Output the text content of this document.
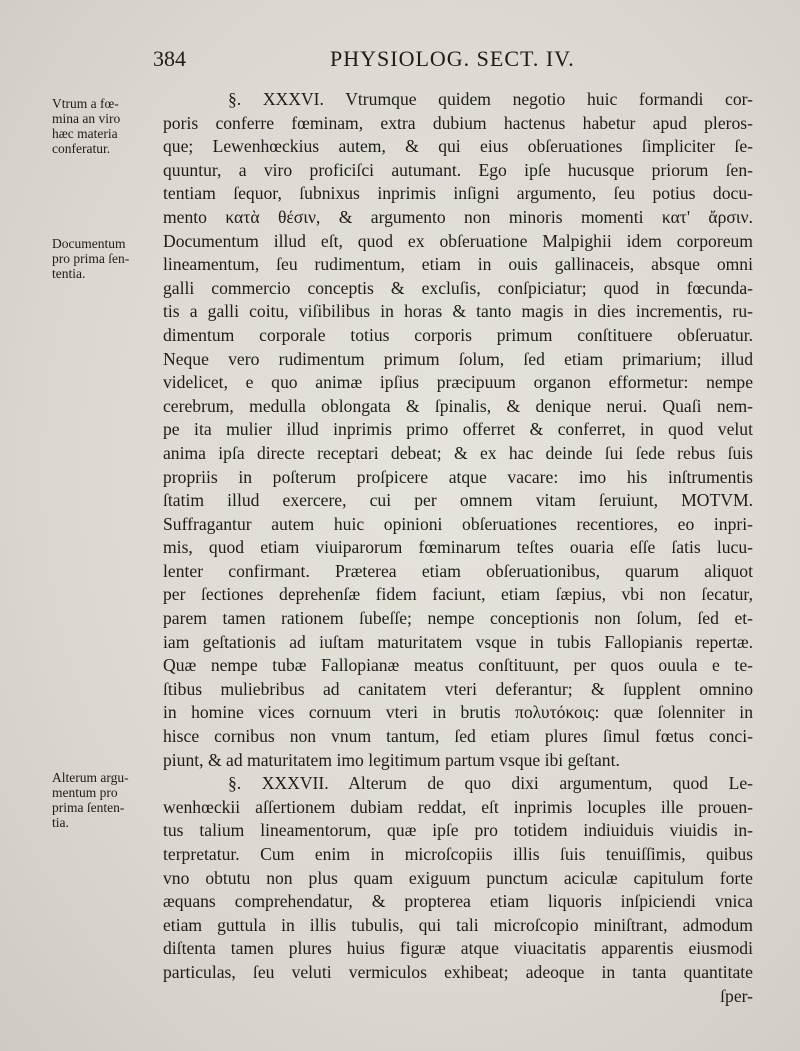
384	PHYSIOLOG. SECT. IV.
Vtrum a fœ-
mina an viro
hæc materia
conferatur.
Documentum
pro prima ſen-
tentia.
Alterum argu-
mentum pro
prima ſenten-
tia.
§. XXXVI. Vtrumque quidem negotio huic formandi cor-
poris conferre fœminam, extra dubium hactenus habetur apud pleros-
que; Lewenhœckius autem, & qui eius obſeruationes ſimpliciter ſe-
quuntur, a viro proficiſci autumant. Ego ipſe hucusque priorum ſen-
tentiam ſequor, ſubnixus inprimis inſigni argumento, ſeu potius docu-
mento κατὰ θέσιν, & argumento non minoris momenti κατ' ἄρσιν.
Documentum illud eſt, quod ex obſeruatione Malpighii idem corporeum
lineamentum, ſeu rudimentum, etiam in ouis gallinaceis, absque omni
galli commercio conceptis & excluſis, conſpiciatur; quod in fœcunda-
tis a galli coitu, viſibilibus in horas & tanto magis in dies incrementis, ru-
dimentum corporale totius corporis primum conſtituere obſeruatur.
Neque vero rudimentum primum ſolum, ſed etiam primarium; illud
videlicet, e quo animæ ipſius præcipuum organon efformetur: nempe
cerebrum, medulla oblongata & ſpinalis, & denique nerui. Quaſi nem-
pe ita mulier illud inprimis primo offerret & conferret, in quod velut
anima ipſa directe receptari debeat; & ex hac deinde ſui ſede rebus ſuis
propriis in poſterum proſpicere atque vacare: imo his inſtrumentis
ſtatim illud exercere, cui per omnem vitam ſeruiunt, MOTVM.
Suffragantur autem huic opinioni obſeruationes recentiores, eo inpri-
mis, quod etiam viuiparorum fœminarum teſtes ouaria eſſe ſatis lucu-
lenter confirmant. Præterea etiam obſeruationibus, quarum aliquot
per ſectiones deprehenſæ fidem faciunt, etiam ſæpius, vbi non ſecatur,
parem tamen rationem ſubeſſe; nempe conceptionis non ſolum, ſed et-
iam geſtationis ad iuſtam maturitatem vsque in tubis Fallopianis repertæ.
Quæ nempe tubæ Fallopianæ meatus conſtituunt, per quos ouula e te-
ſtibus muliebribus ad canitatem vteri deferantur; & ſupplent omnino
in homine vices cornuum vteri in brutis πολυτόκοις: quæ ſolenniter in
hisce cornibus non vnum tantum, ſed etiam plures ſimul fœtus conci-
piunt, & ad maturitatem imo legitimum partum vsque ibi geſtant.
§. XXXVII. Alterum de quo dixi argumentum, quod Le-
wenhœckii aſſertionem dubiam reddat, eſt inprimis locuples ille prouen-
tus talium lineamentorum, quæ ipſe pro totidem indiuiduis viuidis in-
terpretatur. Cum enim in microſcopiis illis ſuis tenuiſſimis, quibus
vno obtutu non plus quam exiguum punctum aciculæ capitulum forte
æquans comprehendatur, & propterea etiam liquoris inſpiciendi vnica
etiam guttula in illis tubulis, qui tali microſcopio miniſtrant, admodum
diſtenta tamen plures huius figuræ atque viuacitatis apparentis eiusmodi
particulas, ſeu veluti vermiculos exhibeat; adeoque in tanta quantitate
ſper-
